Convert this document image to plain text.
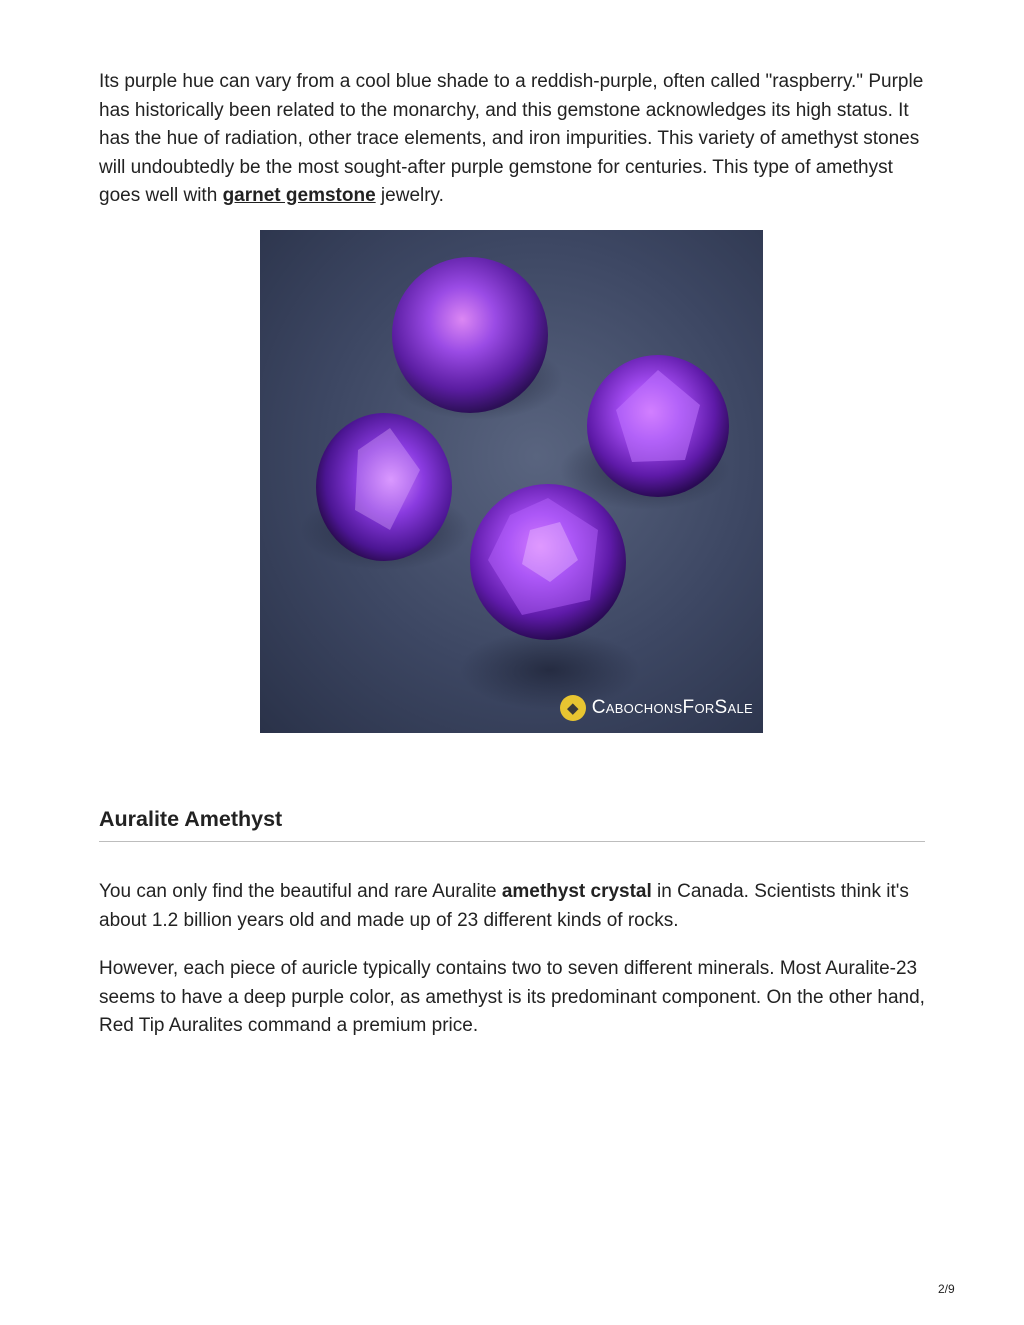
Its purple hue can vary from a cool blue shade to a reddish-purple, often called "raspberry." Purple has historically been related to the monarchy, and this gemstone acknowledges its high status. It has the hue of radiation, other trace elements, and iron impurities. This variety of amethyst stones will undoubtedly be the most sought-after purple gemstone for centuries. This type of amethyst goes well with garnet gemstone jewelry.

◆ CabochonsForSale
Auralite Amethyst

You can only find the beautiful and rare Auralite amethyst crystal in Canada. Scientists think it's about 1.2 billion years old and made up of 23 different kinds of rocks.

However, each piece of auricle typically contains two to seven different minerals. Most Auralite-23 seems to have a deep purple color, as amethyst is its predominant component. On the other hand, Red Tip Auralites command a premium price.

2/9
